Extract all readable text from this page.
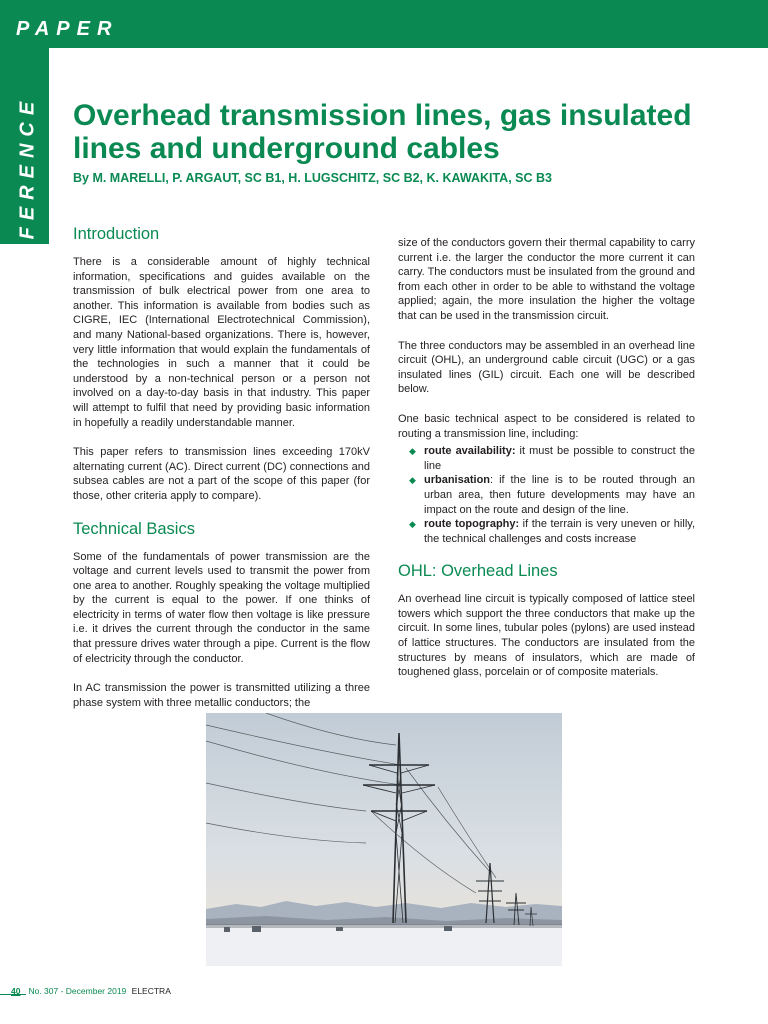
PAPER
REFERENCE Overhead transmission lines, gas insulated lines and underground cables
By M. MARELLI, P. ARGAUT, SC B1, H. LUGSCHITZ, SC B2, K. KAWAKITA, SC B3
Introduction

There is a considerable amount of highly technical information, specifications and guides available on the transmission of bulk electrical power from one area to another. This information is available from bodies such as CIGRE, IEC (International Electrotechnical Commission), and many National-based organizations. There is, however, very little information that would explain the fundamentals of the technologies in such a manner that it could be understood by a non-technical person or a person not involved on a day-to-day basis in that industry. This paper will attempt to fulfil that need by providing basic information in hopefully a readily understandable manner.

This paper refers to transmission lines exceeding 170kV alternating current (AC). Direct current (DC) connections and subsea cables are not a part of the scope of this paper (for those, other criteria apply to compare).

Technical Basics

Some of the fundamentals of power transmission are the voltage and current levels used to transmit the power from one area to another. Roughly speaking the voltage multiplied by the current is equal to the power. If one thinks of electricity in terms of water flow then voltage is like pressure i.e. it drives the current through the conductor in the same that pressure drives water through a pipe. Current is the flow of electricity through the conductor.

In AC transmission the power is transmitted utilizing a three phase system with three metallic conductors; the

size of the conductors govern their thermal capability to carry current i.e. the larger the conductor the more current it can carry. The conductors must be insulated from the ground and from each other in order to be able to withstand the voltage applied; again, the more insulation the higher the voltage that can be used in the transmission circuit.

The three conductors may be assembled in an overhead line circuit (OHL), an underground cable circuit (UGC) or a gas insulated lines (GIL) circuit. Each one will be described below.

One basic technical aspect to be considered is related to routing a transmission line, including:

◆ route availability: it must be possible to construct the line
◆ urbanisation: if the line is to be routed through an urban area, then future developments may have an impact on the route and design of the line.
◆ route topography: if the terrain is very uneven or hilly, the technical challenges and costs increase
OHL: Overhead Lines

An overhead line circuit is typically composed of lattice steel towers which support the three conductors that make up the circuit. In some lines, tubular poles (pylons) are used instead of lattice structures. The conductors are insulated from the structures by means of insulators, which are made of toughened glass, porcelain or of composite materials.

40 No. 307 - December 2019 ELECTRA
